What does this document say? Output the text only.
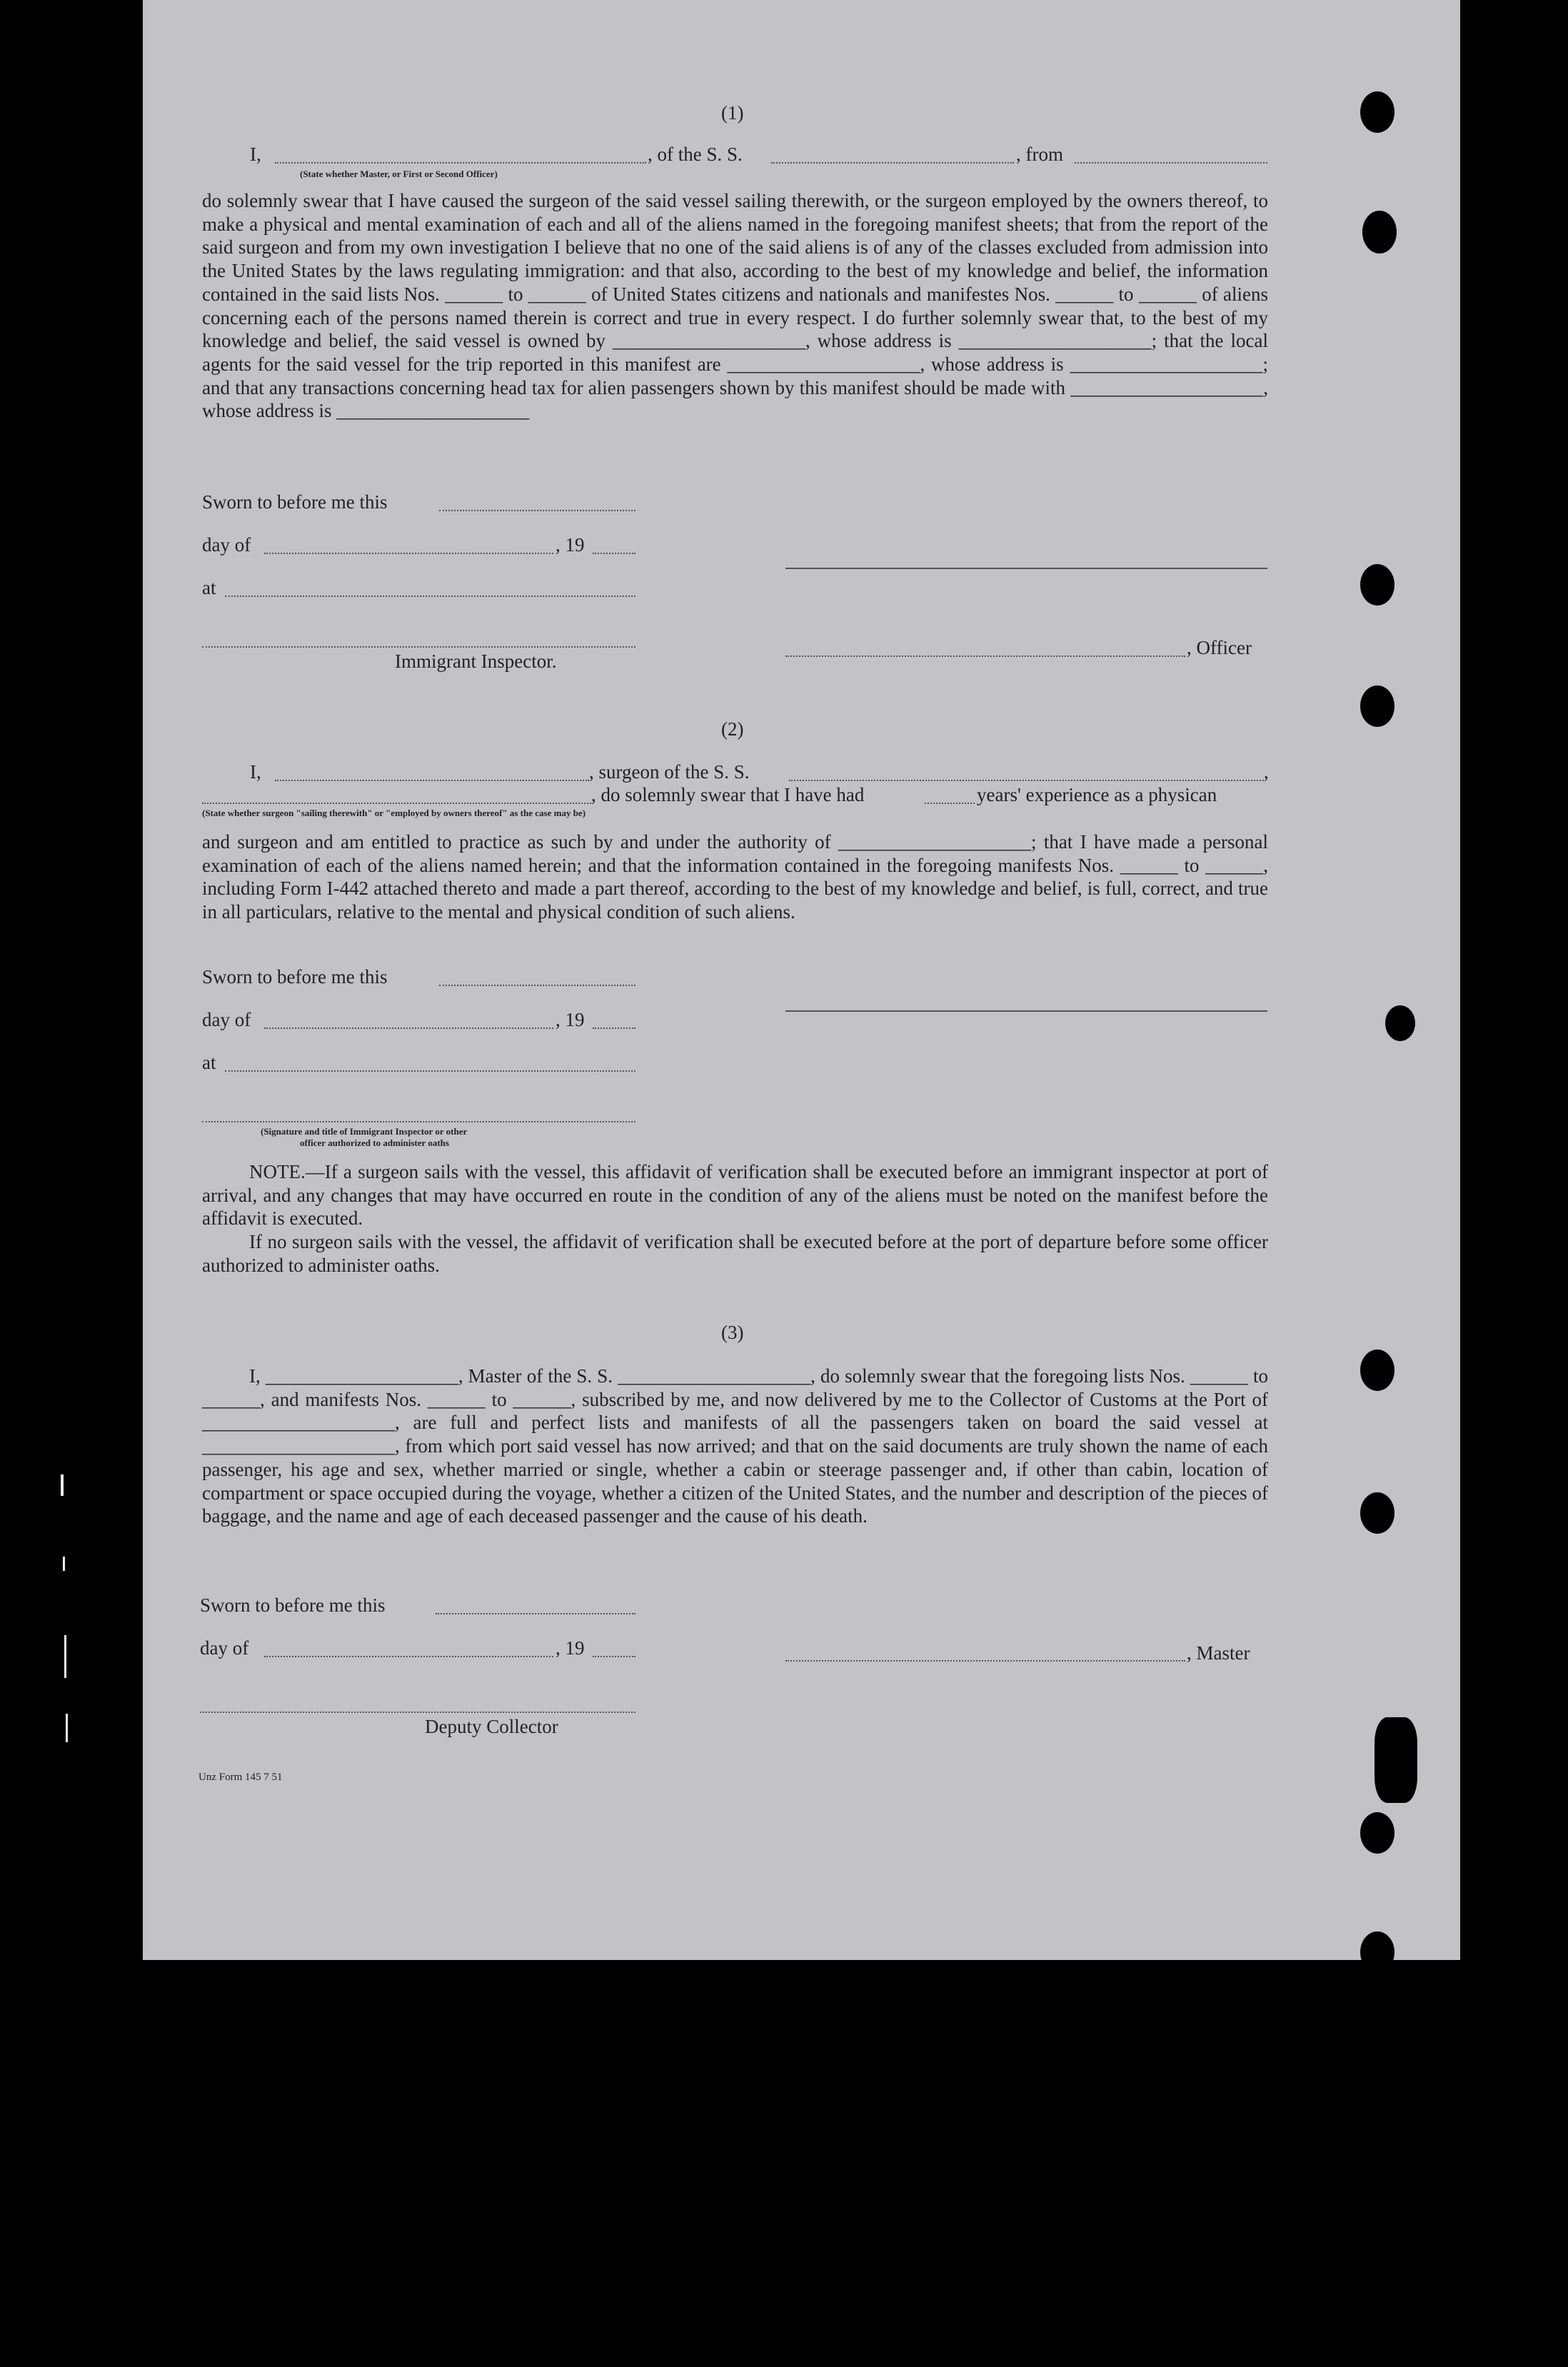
(1)
I,	, of the S. S.	, from
(State whether Master, or First or Second Officer)
do solemnly swear that I have caused the surgeon of the said vessel sailing therewith, or the surgeon employed by the owners thereof, to make a physical and mental examination of each and all of the aliens named in the foregoing manifest sheets; that from the report of the said surgeon and from my own investigation I believe that no one of the said aliens is of any of the classes excluded from admission into the United States by the laws regulating immigration: and that also, according to the best of my knowledge and belief, the information contained in the said lists Nos. ______ to ______ of United States citizens and nationals and manifestes Nos. ______ to ______ of aliens concerning each of the persons named therein is correct and true in every respect. I do further solemnly swear that, to the best of my knowledge and belief, the said vessel is owned by ____________________, whose address is ____________________; that the local agents for the said vessel for the trip reported in this manifest are ____________________, whose address is ____________________; and that any transactions concerning head tax for alien passengers shown by this manifest should be made with ____________________, whose address is ____________________
Sworn to before me this
day of	, 19
at
, Officer
Immigrant Inspector.
(2)
I,	, surgeon of the S. S.	,
, do solemnly swear that I have had	years' experience as a physican
(State whether surgeon "sailing therewith" or "employed by owners thereof" as the case may be)
and surgeon and am entitled to practice as such by and under the authority of ____________________; that I have made a personal examination of each of the aliens named herein; and that the information contained in the foregoing manifests Nos. ______ to ______, including Form I-442 attached thereto and made a part thereof, according to the best of my knowledge and belief, is full, correct, and true in all particulars, relative to the mental and physical condition of such aliens.
Sworn to before me this
day of	, 19
at
(Signature and title of Immigrant Inspector or other
officer authorized to administer oaths

NOTE.—If a surgeon sails with the vessel, this affidavit of verification shall be executed before an immigrant inspector at port of arrival, and any changes that may have occurred en route in the condition of any of the aliens must be noted on the manifest before the affidavit is executed.

If no surgeon sails with the vessel, the affidavit of verification shall be executed before at the port of departure before some officer authorized to administer oaths.

(3)
I, ____________________, Master of the S. S. ____________________, do solemnly swear that the foregoing lists Nos. ______ to ______, and manifests Nos. ______ to ______, subscribed by me, and now delivered by me to the Collector of Customs at the Port of ____________________, are full and perfect lists and manifests of all the passengers taken on board the said vessel at ____________________, from which port said vessel has now arrived; and that on the said documents are truly shown the name of each passenger, his age and sex, whether married or single, whether a cabin or steerage passenger and, if other than cabin, location of compartment or space occupied during the voyage, whether a citizen of the United States, and the number and description of the pieces of baggage, and the name and age of each deceased passenger and the cause of his death.
Sworn to before me this
day of	, 19	, Master
Deputy Collector
Unz Form 145 7 51
